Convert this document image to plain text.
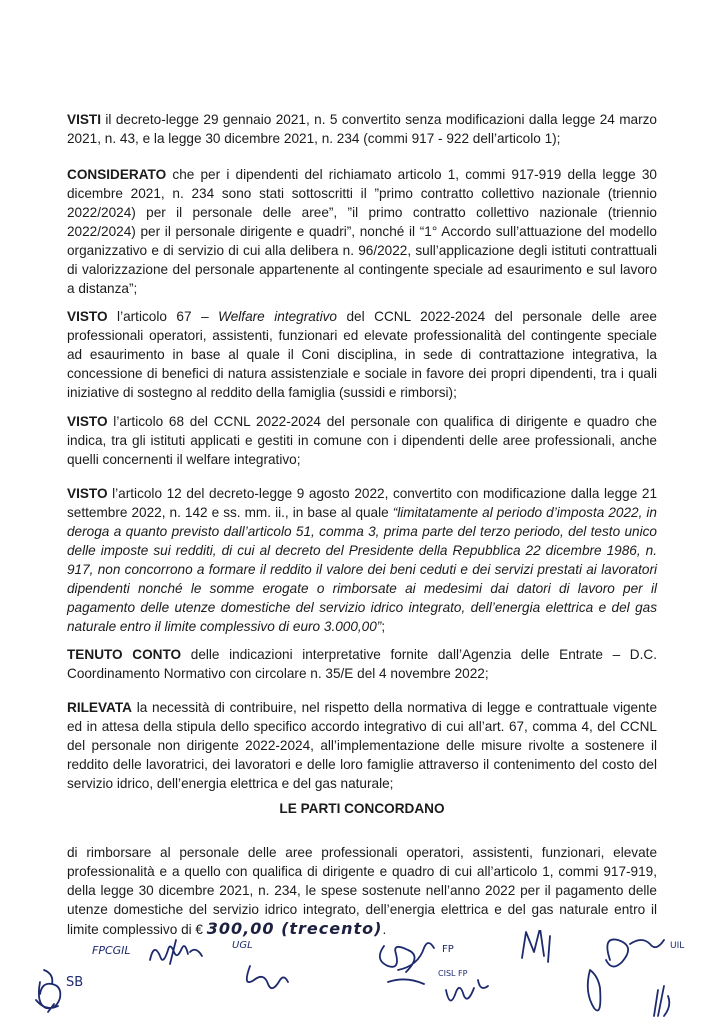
VISTI il decreto-legge 29 gennaio 2021, n. 5 convertito senza modificazioni dalla legge 24 marzo 2021, n. 43, e la legge 30 dicembre 2021, n. 234 (commi 917 - 922 dell’articolo 1);

CONSIDERATO che per i dipendenti del richiamato articolo 1, commi 917-919 della legge 30 dicembre 2021, n. 234 sono stati sottoscritti il ”primo contratto collettivo nazionale (triennio 2022/2024) per il personale delle aree”, ”il primo contratto collettivo nazionale (triennio 2022/2024) per il personale dirigente e quadri”, nonché il “1° Accordo sull’attuazione del modello organizzativo e di servizio di cui alla delibera n. 96/2022, sull’applicazione degli istituti contrattuali di valorizzazione del personale appartenente al contingente speciale ad esaurimento e sul lavoro a distanza”;

VISTO l’articolo 67 – Welfare integrativo del CCNL 2022-2024 del personale delle aree professionali operatori, assistenti, funzionari ed elevate professionalità del contingente speciale ad esaurimento in base al quale il Coni disciplina, in sede di contrattazione integrativa, la concessione di benefici di natura assistenziale e sociale in favore dei propri dipendenti, tra i quali iniziative di sostegno al reddito della famiglia (sussidi e rimborsi);

VISTO l’articolo 68 del CCNL 2022-2024 del personale con qualifica di dirigente e quadro che indica, tra gli istituti applicati e gestiti in comune con i dipendenti delle aree professionali, anche quelli concernenti il welfare integrativo;

VISTO l’articolo 12 del decreto-legge 9 agosto 2022, convertito con modificazione dalla legge 21 settembre 2022, n. 142 e ss. mm. ii., in base al quale “limitatamente al periodo d’imposta 2022, in deroga a quanto previsto dall’articolo 51, comma 3, prima parte del terzo periodo, del testo unico delle imposte sui redditi, di cui al decreto del Presidente della Repubblica 22 dicembre 1986, n. 917, non concorrono a formare il reddito il valore dei beni ceduti e dei servizi prestati ai lavoratori dipendenti nonché le somme erogate o rimborsate ai medesimi dai datori di lavoro per il pagamento delle utenze domestiche del servizio idrico integrato, dell’energia elettrica e del gas naturale entro il limite complessivo di euro 3.000,00”;

TENUTO CONTO delle indicazioni interpretative fornite dall’Agenzia delle Entrate – D.C. Coordinamento Normativo con circolare n. 35/E del 4 novembre 2022;

RILEVATA la necessità di contribuire, nel rispetto della normativa di legge e contrattuale vigente ed in attesa della stipula dello specifico accordo integrativo di cui all’art. 67, comma 4, del CCNL del personale non dirigente 2022-2024, all’implementazione delle misure rivolte a sostenere il reddito delle lavoratrici, dei lavoratori e delle loro famiglie attraverso il contenimento del costo del servizio idrico, dell’energia elettrica e del gas naturale;

LE PARTI CONCORDANO

di rimborsare al personale delle aree professionali operatori, assistenti, funzionari, elevate professionalità e a quello con qualifica di dirigente e quadro di cui all’articolo 1, commi 917-919, della legge 30 dicembre 2021, n. 234, le spese sostenute nell’anno 2022 per il pagamento delle utenze domestiche del servizio idrico integrato, dell’energia elettrica e del gas naturale entro il limite complessivo di € 300,00 (trecento).

FPCGIL
SB
UGL	FP
CISL FP
UIL
